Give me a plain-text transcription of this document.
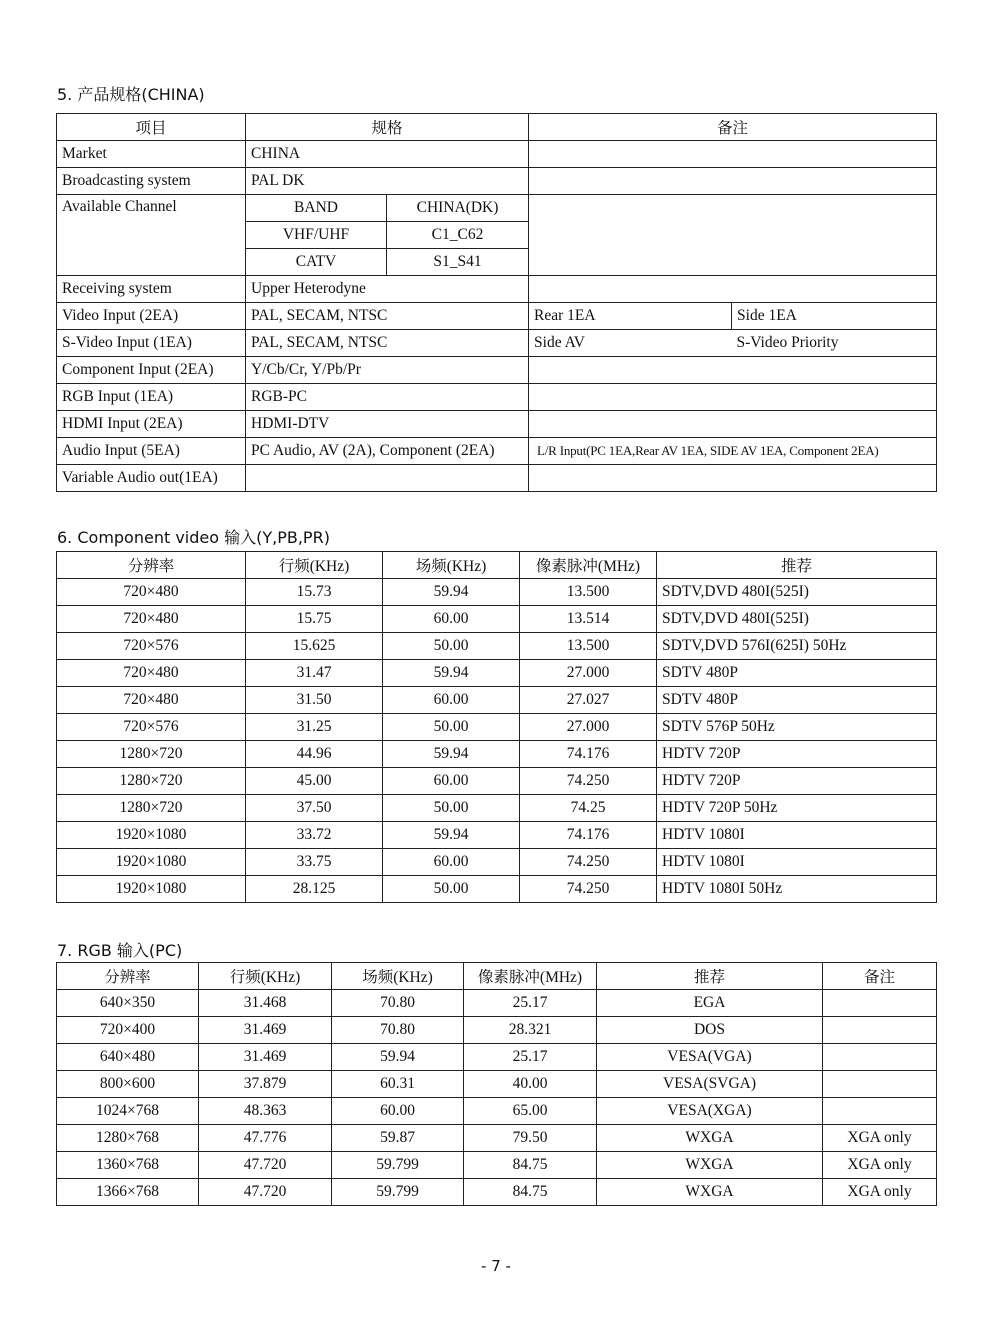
5. 产品规格(CHINA)
项目	规格		备注	
Market	CHINA			
Broadcasting system	PAL DK			
Available Channel	BAND	CHINA(DK)		
	VHF/UHF	C1_C62		
	CATV	S1_S41		
Receiving system	Upper Heterodyne			
Video Input (2EA)	PAL, SECAM, NTSC		Rear 1EA	Side 1EA
S-Video Input (1EA)	PAL, SECAM, NTSC		Side AV	S-Video Priority
Component Input (2EA)	Y/Cb/Cr, Y/Pb/Pr			
RGB Input (1EA)	RGB-PC			
HDMI Input (2EA)	HDMI-DTV			
Audio Input (5EA)	PC Audio, AV (2A), Component (2EA)		L/R Input(PC 1EA,Rear AV 1EA, SIDE AV 1EA, Component 2EA)	
Variable Audio out(1EA)				
6. Component video 输入(Y,PB,PR)
分辨率	行频(KHz)	场频(KHz)	像素脉冲(MHz)	推荐
720×480	15.73	59.94	13.500	SDTV,DVD 480I(525I)
720×480	15.75	60.00	13.514	SDTV,DVD 480I(525I)
720×576	15.625	50.00	13.500	SDTV,DVD 576I(625I) 50Hz
720×480	31.47	59.94	27.000	SDTV 480P
720×480	31.50	60.00	27.027	SDTV 480P
720×576	31.25	50.00	27.000	SDTV 576P 50Hz
1280×720	44.96	59.94	74.176	HDTV 720P
1280×720	45.00	60.00	74.250	HDTV 720P
1280×720	37.50	50.00	74.25	HDTV 720P 50Hz
1920×1080	33.72	59.94	74.176	HDTV 1080I
1920×1080	33.75	60.00	74.250	HDTV 1080I
1920×1080	28.125	50.00	74.250	HDTV 1080I 50Hz
7. RGB 输入(PC)
分辨率	行频(KHz)	场频(KHz)	像素脉冲(MHz)	推荐	备注
640×350	31.468	70.80	25.17	EGA	
720×400	31.469	70.80	28.321	DOS	
640×480	31.469	59.94	25.17	VESA(VGA)	
800×600	37.879	60.31	40.00	VESA(SVGA)	
1024×768	48.363	60.00	65.00	VESA(XGA)	
1280×768	47.776	59.87	79.50	WXGA	XGA only
1360×768	47.720	59.799	84.75	WXGA	XGA only
1366×768	47.720	59.799	84.75	WXGA	XGA only
- 7 -
